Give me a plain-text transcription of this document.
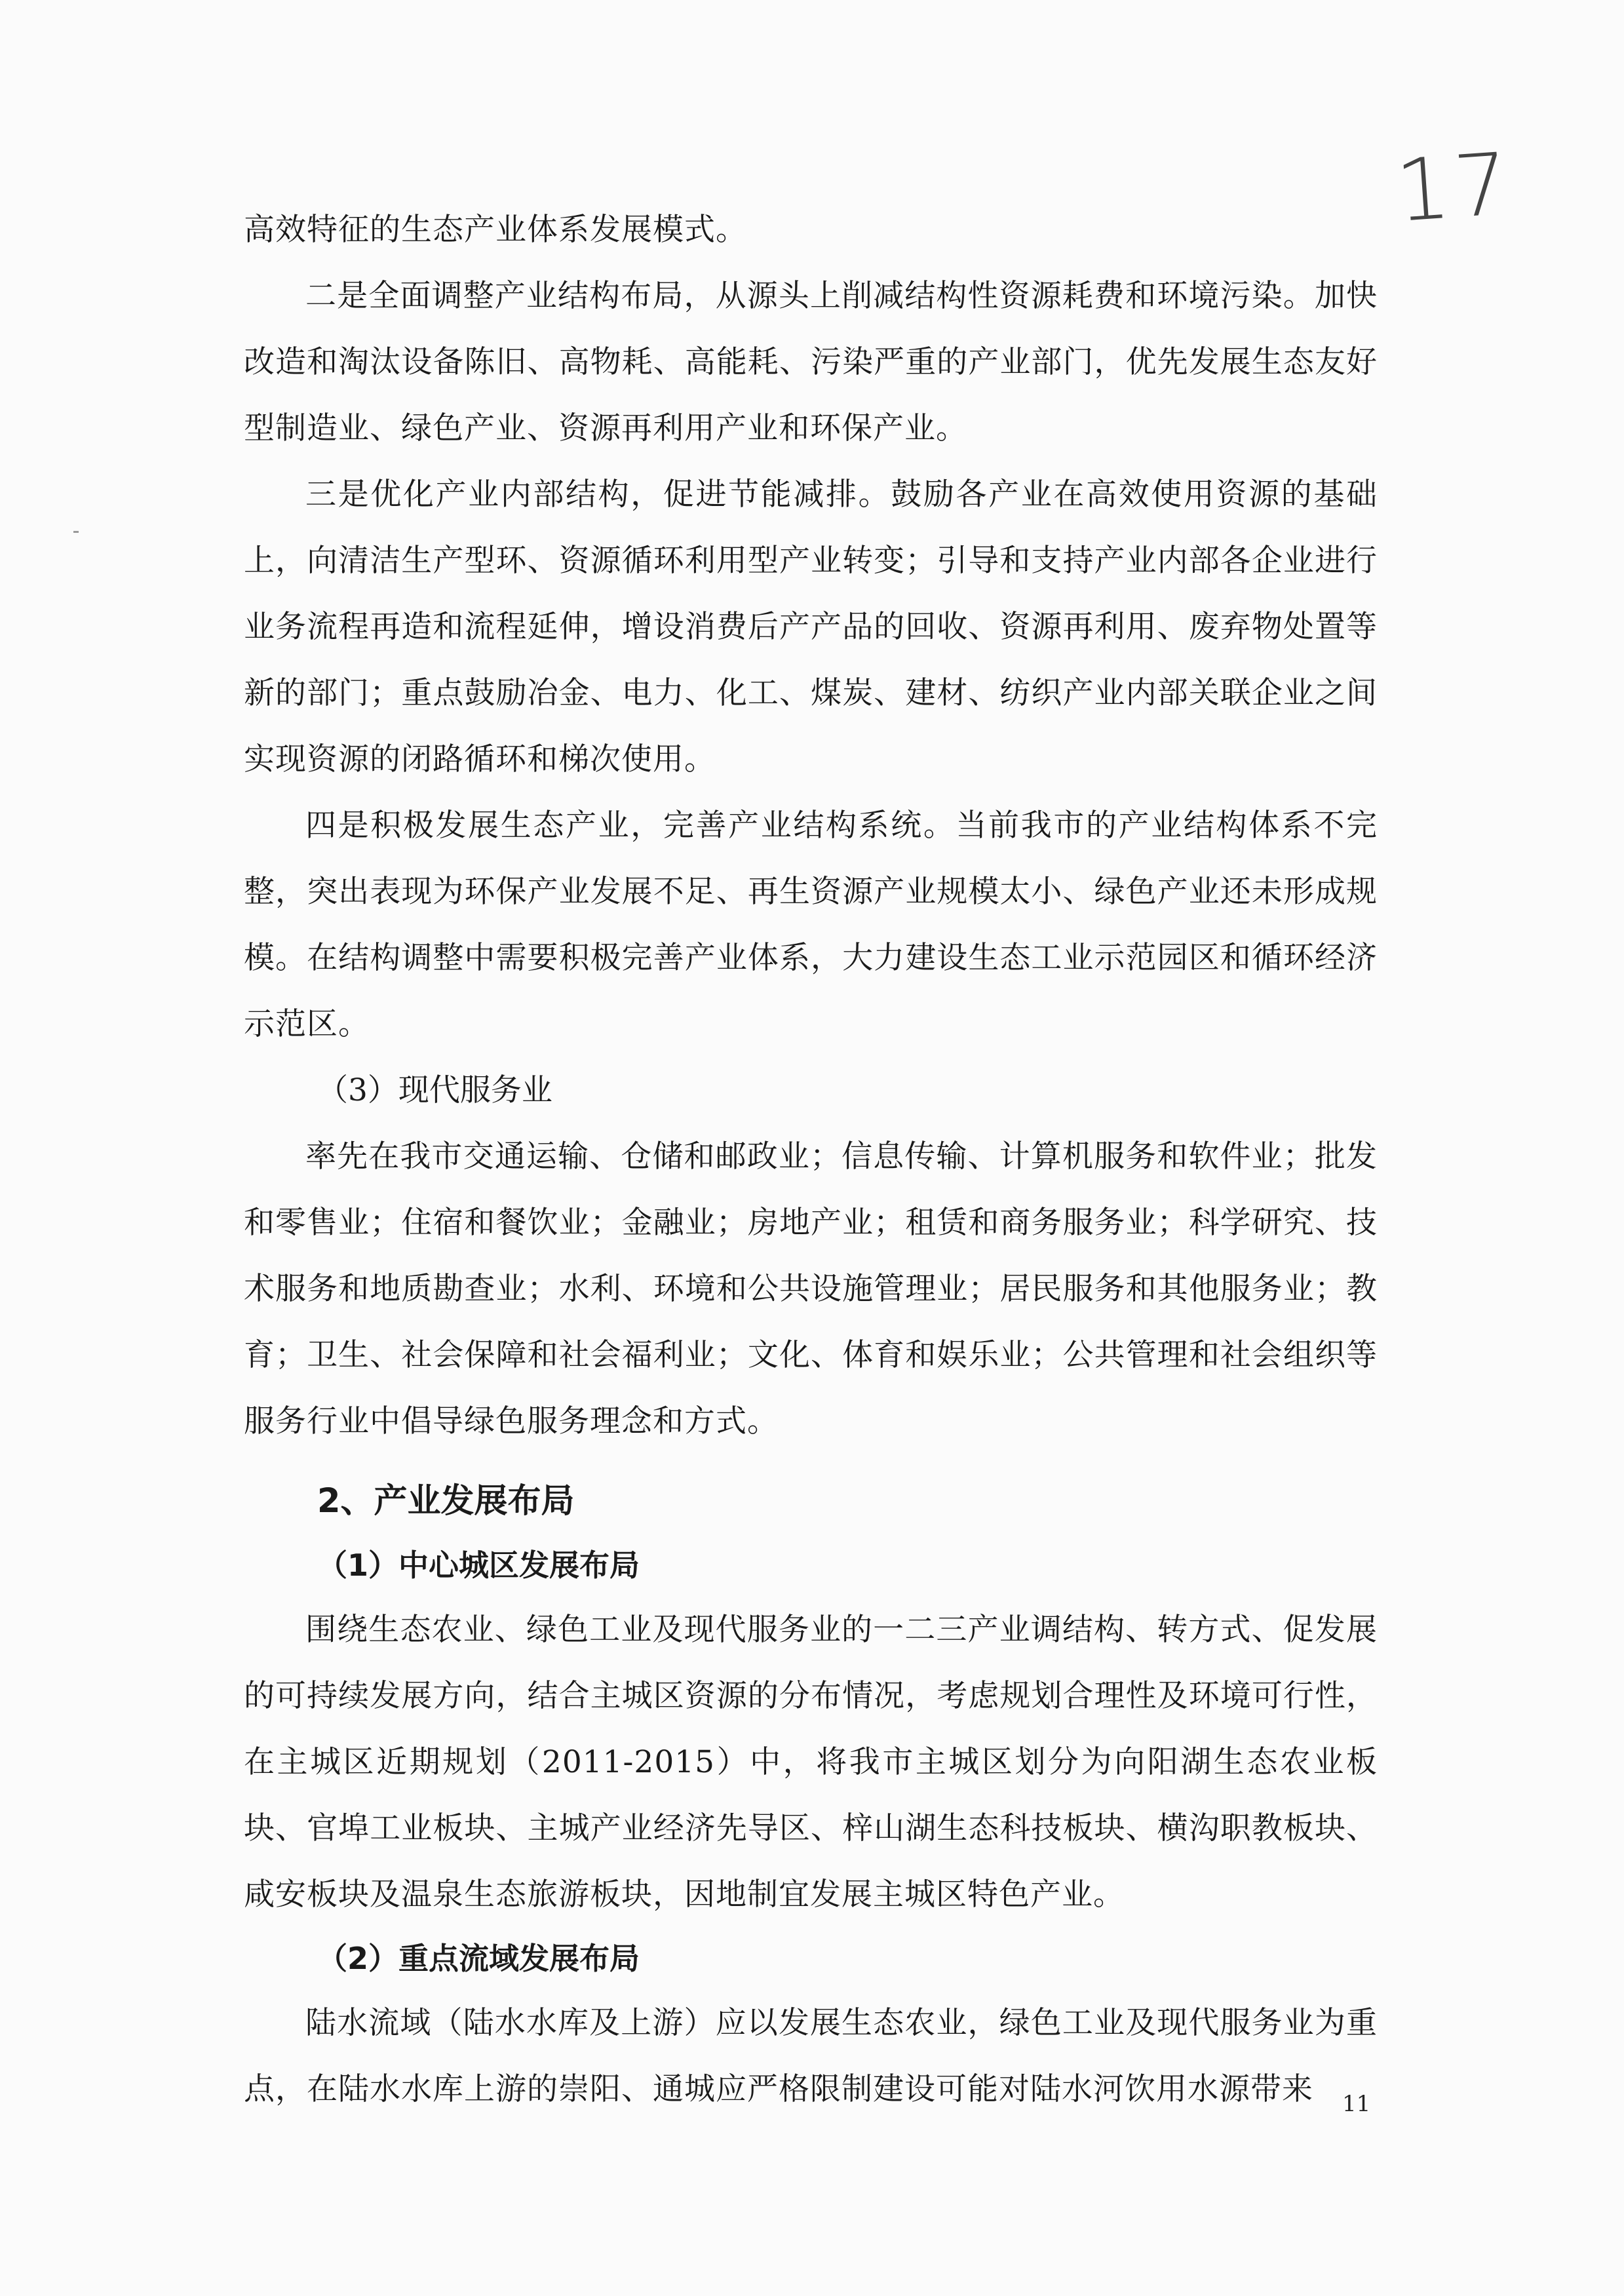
17

高效特征的生态产业体系发展模式。

二是全面调整产业结构布局，从源头上削减结构性资源耗费和环境污染。加快改造和淘汰设备陈旧、高物耗、高能耗、污染严重的产业部门，优先发展生态友好型制造业、绿色产业、资源再利用产业和环保产业。

三是优化产业内部结构，促进节能减排。鼓励各产业在高效使用资源的基础上，向清洁生产型环、资源循环利用型产业转变；引导和支持产业内部各企业进行业务流程再造和流程延伸，增设消费后产产品的回收、资源再利用、废弃物处置等新的部门；重点鼓励冶金、电力、化工、煤炭、建材、纺织产业内部关联企业之间实现资源的闭路循环和梯次使用。

四是积极发展生态产业，完善产业结构系统。当前我市的产业结构体系不完整，突出表现为环保产业发展不足、再生资源产业规模太小、绿色产业还未形成规模。在结构调整中需要积极完善产业体系，大力建设生态工业示范园区和循环经济示范区。

（3）现代服务业

率先在我市交通运输、仓储和邮政业；信息传输、计算机服务和软件业；批发和零售业；住宿和餐饮业；金融业；房地产业；租赁和商务服务业；科学研究、技术服务和地质勘查业；水利、环境和公共设施管理业；居民服务和其他服务业；教育；卫生、社会保障和社会福利业；文化、体育和娱乐业；公共管理和社会组织等服务行业中倡导绿色服务理念和方式。

2、产业发展布局

（1）中心城区发展布局

围绕生态农业、绿色工业及现代服务业的一二三产业调结构、转方式、促发展的可持续发展方向，结合主城区资源的分布情况，考虑规划合理性及环境可行性，在主城区近期规划（2011-2015）中，将我市主城区划分为向阳湖生态农业板块、官埠工业板块、主城产业经济先导区、梓山湖生态科技板块、横沟职教板块、咸安板块及温泉生态旅游板块，因地制宜发展主城区特色产业。

（2）重点流域发展布局

陆水流域（陆水水库及上游）应以发展生态农业，绿色工业及现代服务业为重点，在陆水水库上游的崇阳、通城应严格限制建设可能对陆水河饮用水源带来	11
